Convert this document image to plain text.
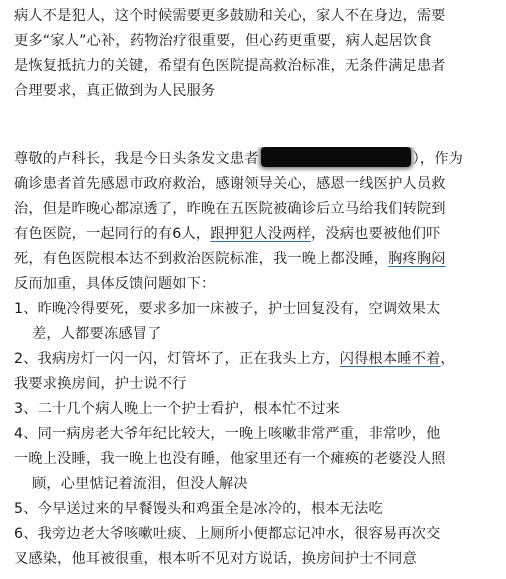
病人不是犯人，这个时候需要更多鼓励和关心，家人不在身边，需要
更多“家人”心补，药物治疗很重要，但心药更重要，病人起居饮食
是恢复抵抗力的关键，希望有色医院提高救治标准，无条件满足患者
合理要求，真正做到为人民服务
尊敬的卢科长，我是今日头条发文患者	），作为
确诊患者首先感恩市政府救治，感谢领导关心，感恩一线医护人员救
治，但是昨晚心都凉透了，昨晚在五医院被确诊后立马给我们转院到
有色医院，一起同行的有6人，跟押犯人没两样，没病也要被他们吓
死，有色医院根本达不到救治医院标准，我一晚上都没睡，胸疼胸闷
反而加重，具体反馈问题如下：
1、昨晚冷得要死，要求多加一床被子，护士回复没有，空调效果太
差，人都要冻感冒了
2、我病房灯一闪一闪，灯管坏了，正在我头上方，闪得根本睡不着，
我要求换房间，护士说不行
3、二十几个病人晚上一个护士看护，根本忙不过来
4、同一病房老大爷年纪比较大，一晚上咳嗽非常严重，非常吵，他
一晚上没睡，我一晚上也没有睡，他家里还有一个瘫痪的老婆没人照
顾，心里惦记着流泪，但没人解决
5、今早送过来的早餐馒头和鸡蛋全是冰冷的，根本无法吃
6、我旁边老大爷咳嗽吐痰、上厕所小便都忘记冲水，很容易再次交
叉感染，他耳被很重，根本听不见对方说话，换房间护士不同意
